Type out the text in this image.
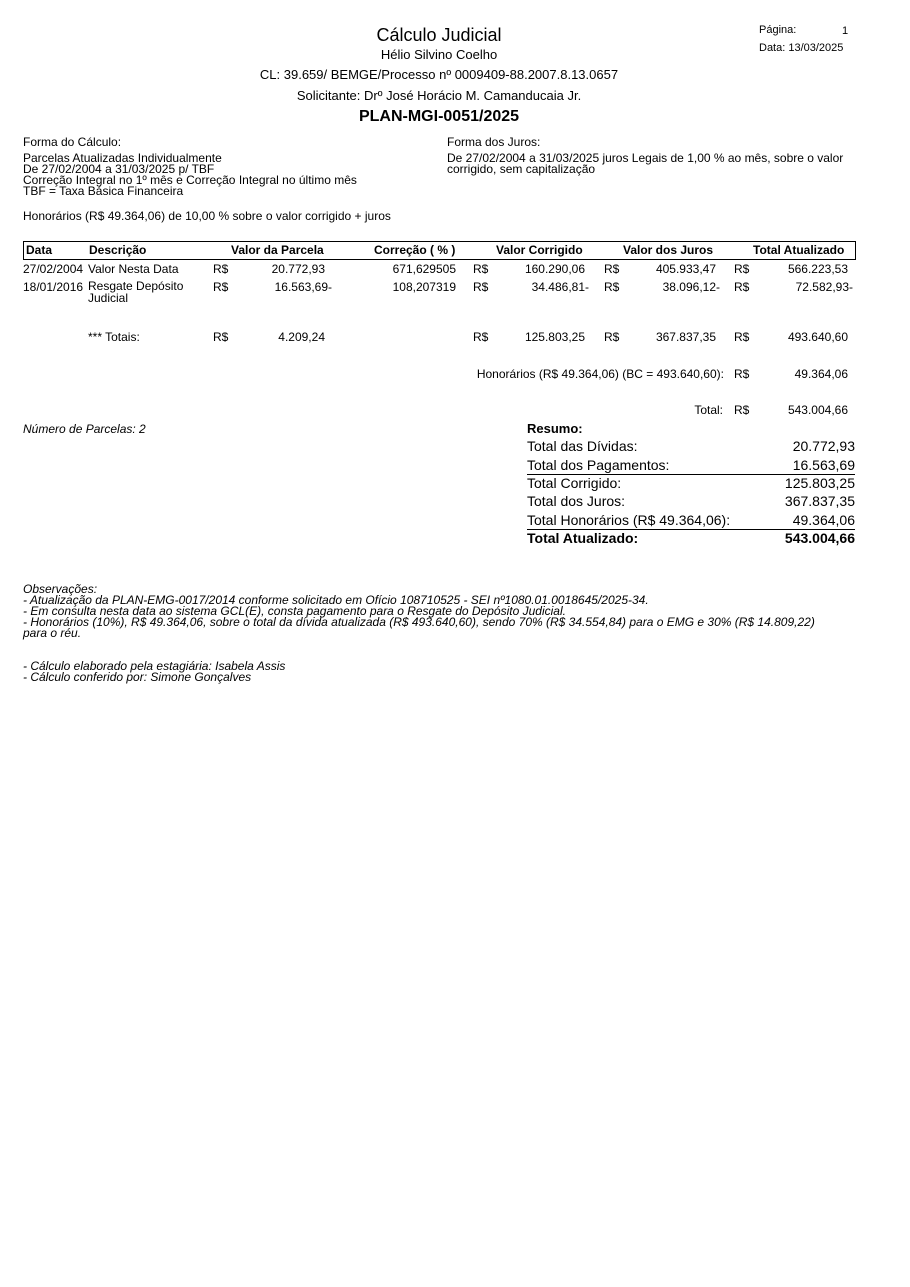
Cálculo Judicial
Hélio Silvino Coelho
CL: 39.659/ BEMGE/Processo nº 0009409-88.2007.8.13.0657
Solicitante: Drº José Horácio M. Camanducaia Jr.
PLAN-MGI-0051/2025
Página:	1
Data: 13/03/2025
Forma do Cálculo:
Parcelas Atualizadas Individualmente
De 27/02/2004 a 31/03/2025 p/ TBF
Correção Integral no 1º mês e Correção Integral no último mês
TBF = Taxa Básica Financeira
Forma dos Juros:
De 27/02/2004 a 31/03/2025 juros Legais de 1,00 % ao mês, sobre o valor
corrigido, sem capitalização
Honorários (R$ 49.364,06) de 10,00 % sobre o valor corrigido + juros
Data	Descrição	Valor da Parcela	Correção ( % )	Valor Corrigido	Valor dos Juros	Total Atualizado
27/02/2004 Valor Nesta Data	R$	20.772,93	671,629505 R$	160.290,06 R$	405.933,47 R$	566.223,53
18/01/2016 Resgate Depósito
Judicial
R$	16.563,69-	108,207319 R$	34.486,81- R$	38.096,12- R$	72.582,93-
*** Totais:	R$	4.209,24	R$	125.803,25 R$	367.837,35 R$	493.640,60
Honorários (R$ 49.364,06) (BC = 493.640,60): R$	49.364,06
Total: R$	543.004,66
Número de Parcelas: 2	Resumo:
Total das Dívidas:	20.772,93
Total dos Pagamentos:	16.563,69
Total Corrigido:	125.803,25
Total dos Juros:	367.837,35
Total Honorários (R$ 49.364,06):	49.364,06
Total Atualizado:	543.004,66
Observações:
- Atualização da PLAN-EMG-0017/2014 conforme solicitado em Ofício 108710525 - SEI nº1080.01.0018645/2025-34.
- Em consulta nesta data ao sistema GCL(E), consta pagamento para o Resgate do Depósito Judicial.
- Honorários (10%), R$ 49.364,06, sobre o total da dívida atualizada (R$ 493.640,60), sendo 70% (R$ 34.554,84) para o EMG e 30% (R$ 14.809,22)
para o réu.
- Cálculo elaborado pela estagiária: Isabela Assis
- Cálculo conferido por: Simone Gonçalves
